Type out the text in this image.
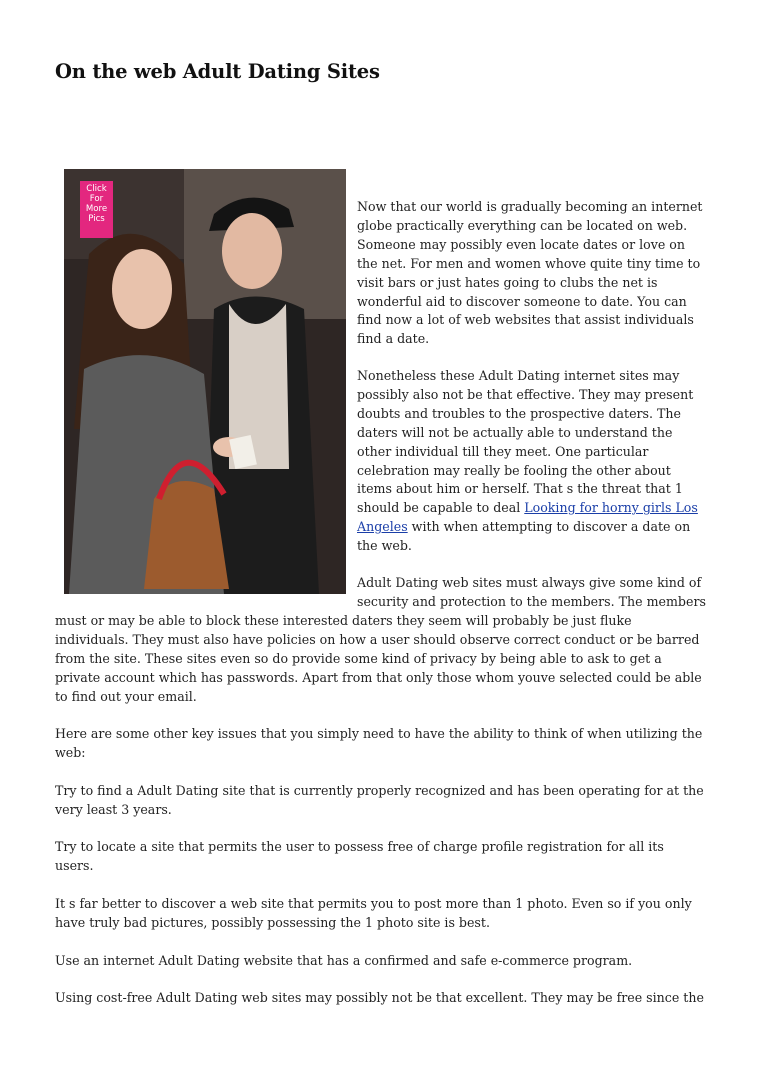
On the web Adult Dating Sites
Click
For
More
Pics

Now that our world is gradually becoming an internet
globe practically everything can be located on web.
Someone may possibly even locate dates or love on
the net. For men and women whove quite tiny time to
visit bars or just hates going to clubs the net is
wonderful aid to discover someone to date. You can
find now a lot of web websites that assist individuals
find a date.

Nonetheless these Adult Dating internet sites may
possibly also not be that effective. They may present
doubts and troubles to the prospective daters. The
daters will not be actually able to understand the
other individual till they meet. One particular
celebration may really be fooling the other about
items about him or herself. That s the threat that 1
should be capable to deal Looking for horny girls Los
Angeles with when attempting to discover a date on
the web.

Adult Dating web sites must always give some kind of
security and protection to the members. The members

must or may be able to block these interested daters they seem will probably be just fluke
individuals. They must also have policies on how a user should observe correct conduct or be barred
from the site. These sites even so do provide some kind of privacy by being able to ask to get a
private account which has passwords. Apart from that only those whom youve selected could be able
to find out your email.

Here are some other key issues that you simply need to have the ability to think of when utilizing the
web:

Try to find a Adult Dating site that is currently properly recognized and has been operating for at the
very least 3 years.

Try to locate a site that permits the user to possess free of charge profile registration for all its
users.

It s far better to discover a web site that permits you to post more than 1 photo. Even so if you only
have truly bad pictures, possibly possessing the 1 photo site is best.

Use an internet Adult Dating website that has a confirmed and safe e-commerce program.

Using cost-free Adult Dating web sites may possibly not be that excellent. They may be free since the
